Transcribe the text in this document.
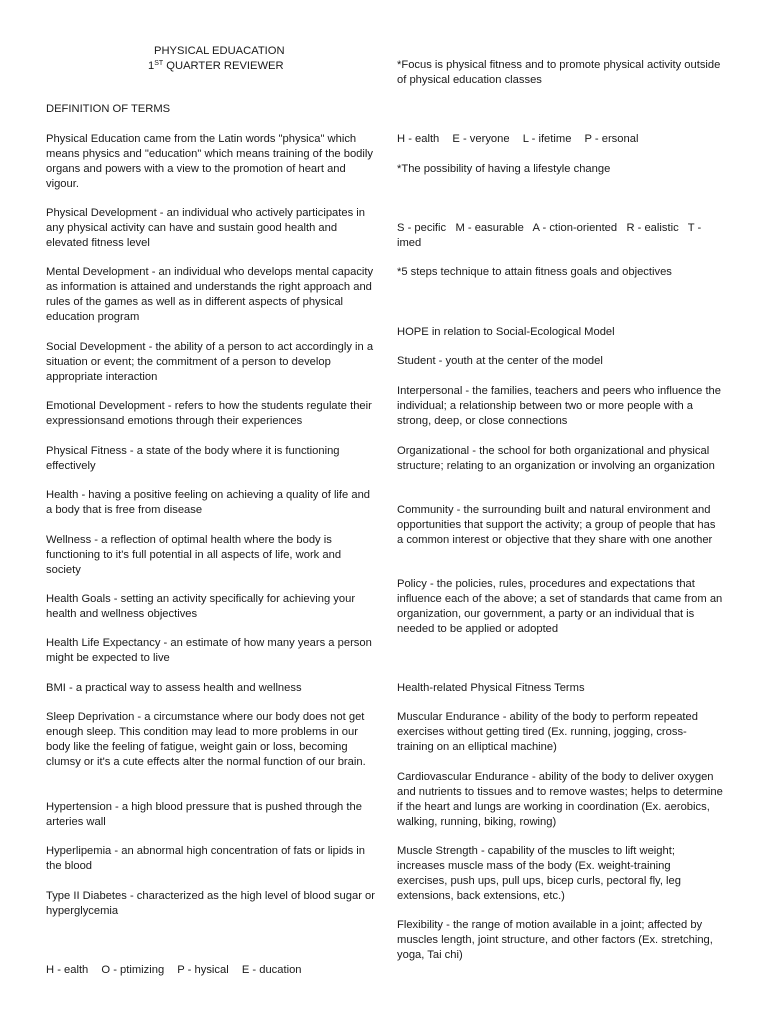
PHYSICAL EDUACATION
1ST QUARTER REVIEWER

DEFINITION OF TERMS

Physical Education came from the Latin words "physica" which means physics and "education" which means training of the bodily organs and powers with a view to the promotion of heart and vigour.

Physical Development - an individual who actively participates in any physical activity can have and sustain good health and elevated fitness level

Mental Development - an individual who develops mental capacity as information is attained and understands the right approach and rules of the games as well as in different aspects of physical education program

Social Development - the ability of a person to act accordingly in a situation or event; the commitment of a person to develop appropriate interaction

Emotional Development - refers to how the students regulate their expressionsand emotions through their experiences

Physical Fitness - a state of the body where it is functioning effectively

Health - having a positive feeling on achieving a quality of life and a body that is free from disease

Wellness - a reflection of optimal health where the body is functioning to it's full potential in all aspects of life, work and society

Health Goals - setting an activity specifically for achieving your health and wellness objectives

Health Life Expectancy - an estimate of how many years a person might be expected to live

BMI - a practical way to assess health and wellness

Sleep Deprivation - a circumstance where our body does not get enough sleep. This condition may lead to more problems in our body like the feeling of fatigue, weight gain or loss, becoming clumsy or it's a cute effects alter the normal function of our brain.

Hypertension - a high blood pressure that is pushed through the arteries wall

Hyperlipemia - an abnormal high concentration of fats or lipids in the blood

Type II Diabetes - characterized as the high level of blood sugar or hyperglycemia

H - ealth O - ptimizing P - hysical E - ducation

*Focus is physical fitness and to promote physical activity outside of physical education classes

H - ealth E - veryone L - ifetime P - ersonal

*The possibility of having a lifestyle change

S - pecific   M - easurable   A - ction-oriented   R - ealistic   T - imed

*5 steps technique to attain fitness goals and objectives

HOPE in relation to Social-Ecological Model

Student - youth at the center of the model

Interpersonal - the families, teachers and peers who influence the individual; a relationship between two or more people with a strong, deep, or close connections

Organizational - the school for both organizational and physical structure; relating to an organization or involving an organization

Community - the surrounding built and natural environment and opportunities that support the activity; a group of people that has a common interest or objective that they share with one another

Policy - the policies, rules, procedures and expectations that influence each of the above; a set of standards that came from an organization, our government, a party or an individual that is needed to be applied or adopted

Health-related Physical Fitness Terms

Muscular Endurance - ability of the body to perform repeated exercises without getting tired (Ex. running, jogging, cross-training on an elliptical machine)

Cardiovascular Endurance - ability of the body to deliver oxygen and nutrients to tissues and to remove wastes; helps to determine if the heart and lungs are working in coordination (Ex. aerobics, walking, running, biking, rowing)

Muscle Strength - capability of the muscles to lift weight; increases muscle mass of the body (Ex. weight-training exercises, push ups, pull ups, bicep curls, pectoral fly, leg extensions, back extensions, etc.)

Flexibility - the range of motion available in a joint; affected by muscles length, joint structure, and other factors (Ex. stretching, yoga, Tai chi)
